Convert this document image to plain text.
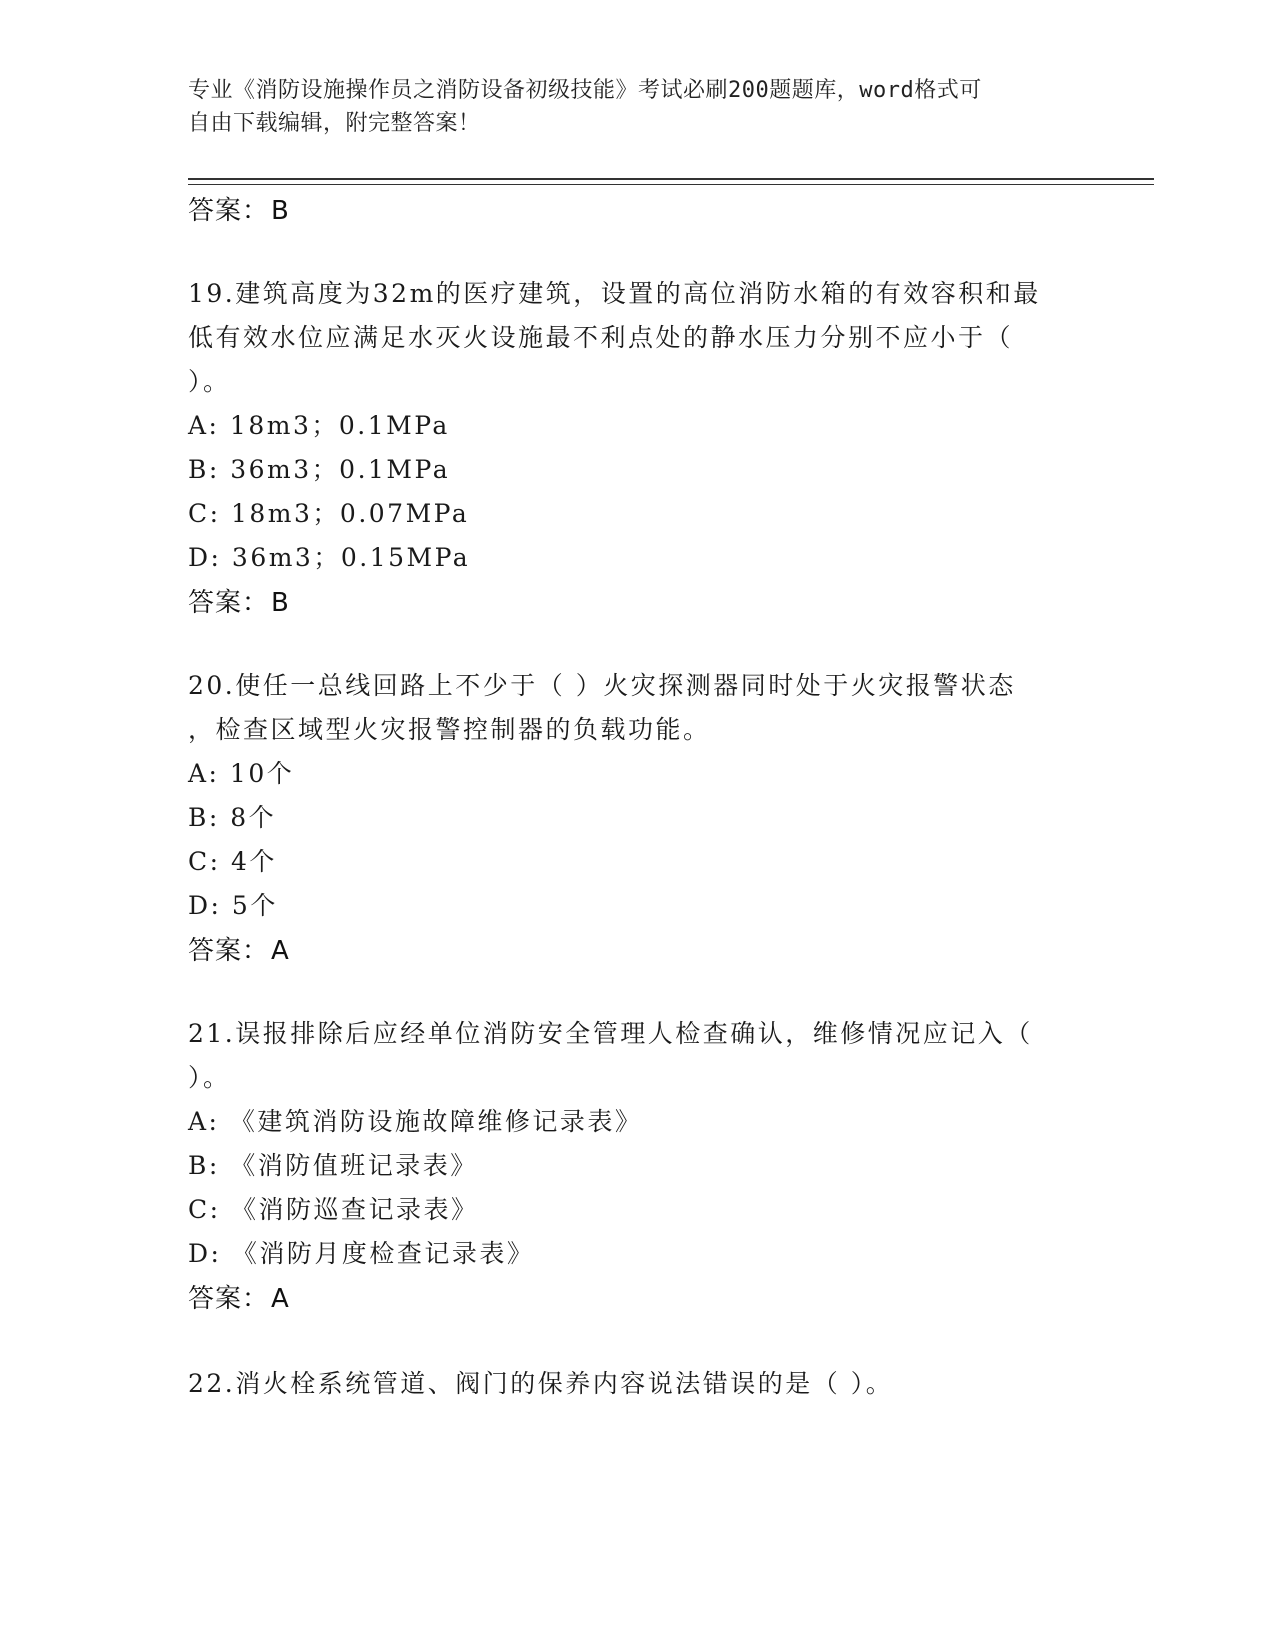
专业《消防设施操作员之消防设备初级技能》考试必刷200题题库，word格式可
自由下载编辑，附完整答案！
答案：B
19.建筑高度为32m的医疗建筑，设置的高位消防水箱的有效容积和最
低有效水位应满足水灭火设施最不利点处的静水压力分别不应小于（
）。
A: 18m3；0.1MPa
B: 36m3；0.1MPa
C: 18m3；0.07MPa
D: 36m3；0.15MPa
答案：B
20.使任一总线回路上不少于（ ）火灾探测器同时处于火灾报警状态
，检查区域型火灾报警控制器的负载功能。
A: 10个
B: 8个
C: 4个
D: 5个
答案：A
21.误报排除后应经单位消防安全管理人检查确认，维修情况应记入（
）。
A: 《建筑消防设施故障维修记录表》
B: 《消防值班记录表》
C: 《消防巡查记录表》
D: 《消防月度检查记录表》
答案：A
22.消火栓系统管道、阀门的保养内容说法错误的是（ ）。
